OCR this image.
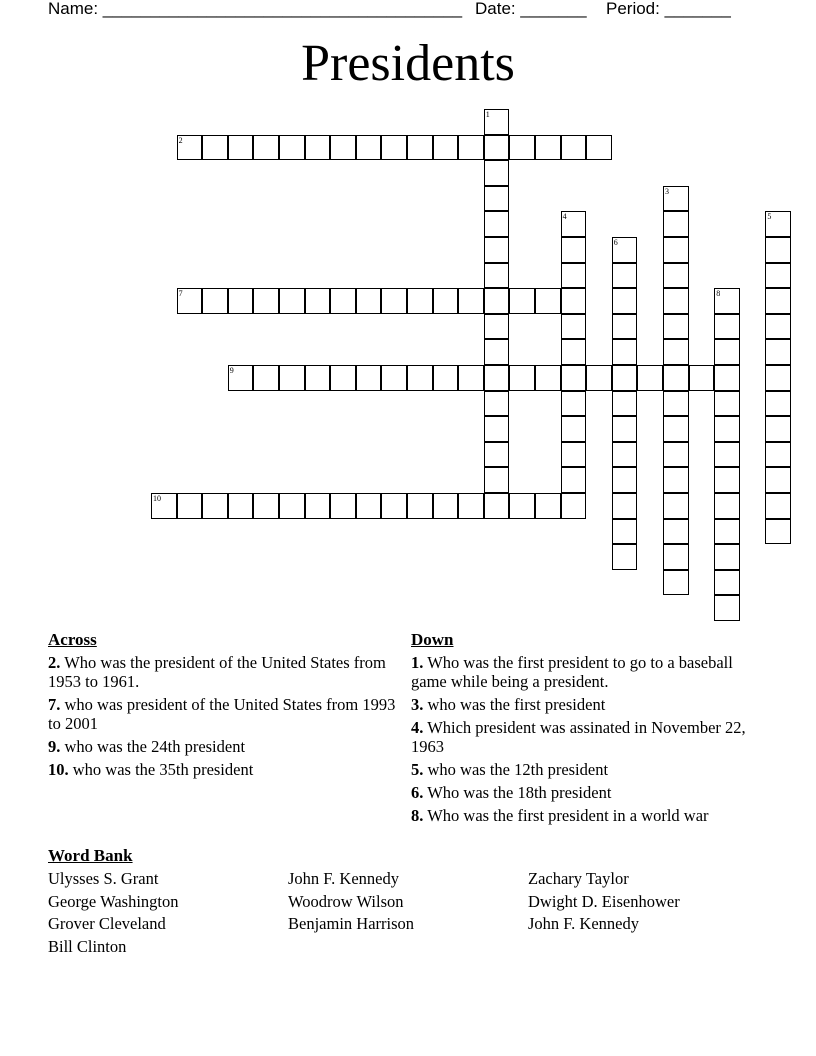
Name: ______________________________________

Date: _______

Period: _______

Presidents
1
2
3
4	5
6
7	8
9
10
Across
2. Who was the president of the United States from 1953 to 1961.
7. who was president of the United States from 1993 to 2001
9. who was the 24th president
10. who was the 35th president
Down
1. Who was the first president to go to a baseball game while being a president.
3. who was the first president
4. Which president was assinated in November 22, 1963
5. who was the 12th president
6. Who was the 18th president
8. Who was the first president in a world war
Word Bank
Ulysses S. Grant
George Washington
Grover Cleveland
Bill Clinton
John F. Kennedy
Woodrow Wilson
Benjamin Harrison
Zachary Taylor
Dwight D. Eisenhower
John F. Kennedy
